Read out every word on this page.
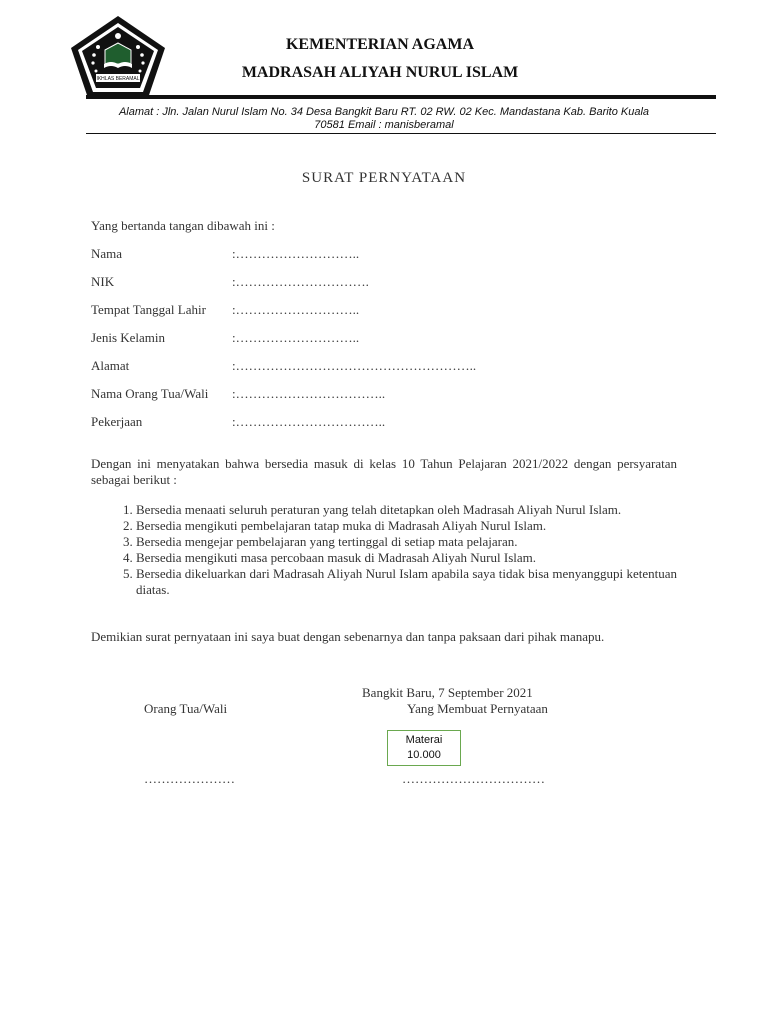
IKHLAS BERAMAL
KEMENTERIAN AGAMA
MADRASAH ALIYAH NURUL ISLAM
Alamat : Jln. Jalan Nurul Islam No. 34 Desa Bangkit Baru RT. 02 RW. 02 Kec. Mandastana Kab. Barito Kuala
70581 Email : manisberamal
SURAT PERNYATAAN
Yang bertanda tangan dibawah ini :
Nama	:………………………..
NIK	:………………………….
Tempat Tanggal Lahir :………………………..
Jenis Kelamin	:………………………..
Alamat	:………………………………………………..
Nama Orang Tua/Wali :……………………………..
Pekerjaan	:……………………………..
Dengan ini menyatakan bahwa bersedia masuk di kelas 10 Tahun Pelajaran 2021/2022 dengan persyaratan sebagai berikut :
1. Bersedia menaati seluruh peraturan yang telah ditetapkan oleh Madrasah Aliyah Nurul Islam.
2. Bersedia mengikuti pembelajaran tatap muka di Madrasah Aliyah Nurul Islam.
3. Bersedia mengejar pembelajaran yang tertinggal di setiap mata pelajaran.
4. Bersedia mengikuti masa percobaan masuk di Madrasah Aliyah Nurul Islam.
5. Bersedia dikeluarkan dari Madrasah Aliyah Nurul Islam apabila saya tidak bisa menyanggupi ketentuan diatas.
Demikian surat pernyataan ini saya buat dengan sebenarnya dan tanpa paksaan dari pihak manapu.
Bangkit Baru, 7 September 2021
Orang Tua/Wali	Yang Membuat Pernyataan
Materai
10.000
…………………	……………………………
